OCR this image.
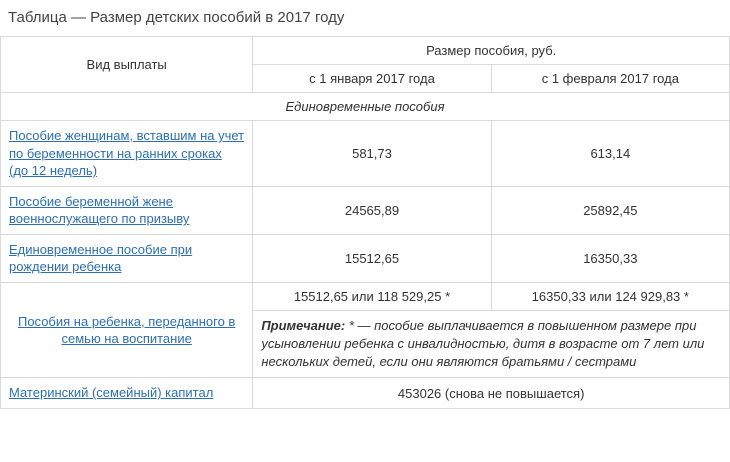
Таблица — Размер детских пособий в 2017 году
Вид выплаты	Размер пособия, руб.	
	с 1 января 2017 года	с 1 февраля 2017 года
Единовременные пособия		
Пособие женщинам, вставшим на учет по беременности на ранних сроках (до 12 недель)	581,73	613,14
Пособие беременной жене военнослужащего по призыву	24565,89	25892,45
Единовременное пособие при рождении ребенка	15512,65	16350,33
Пособия на ребенка, переданного в семью на воспитание	15512,65 или 118 529,25 *	16350,33 или 124 929,83 *
	Примечание: * — пособие выплачивается в повышенном размере при усыновлении ребенка с инвалидностью, дитя в возрасте от 7 лет или нескольких детей, если они являются братьями / сестрами	
Материнский (семейный) капитал	453026 (снова не повышается)	
